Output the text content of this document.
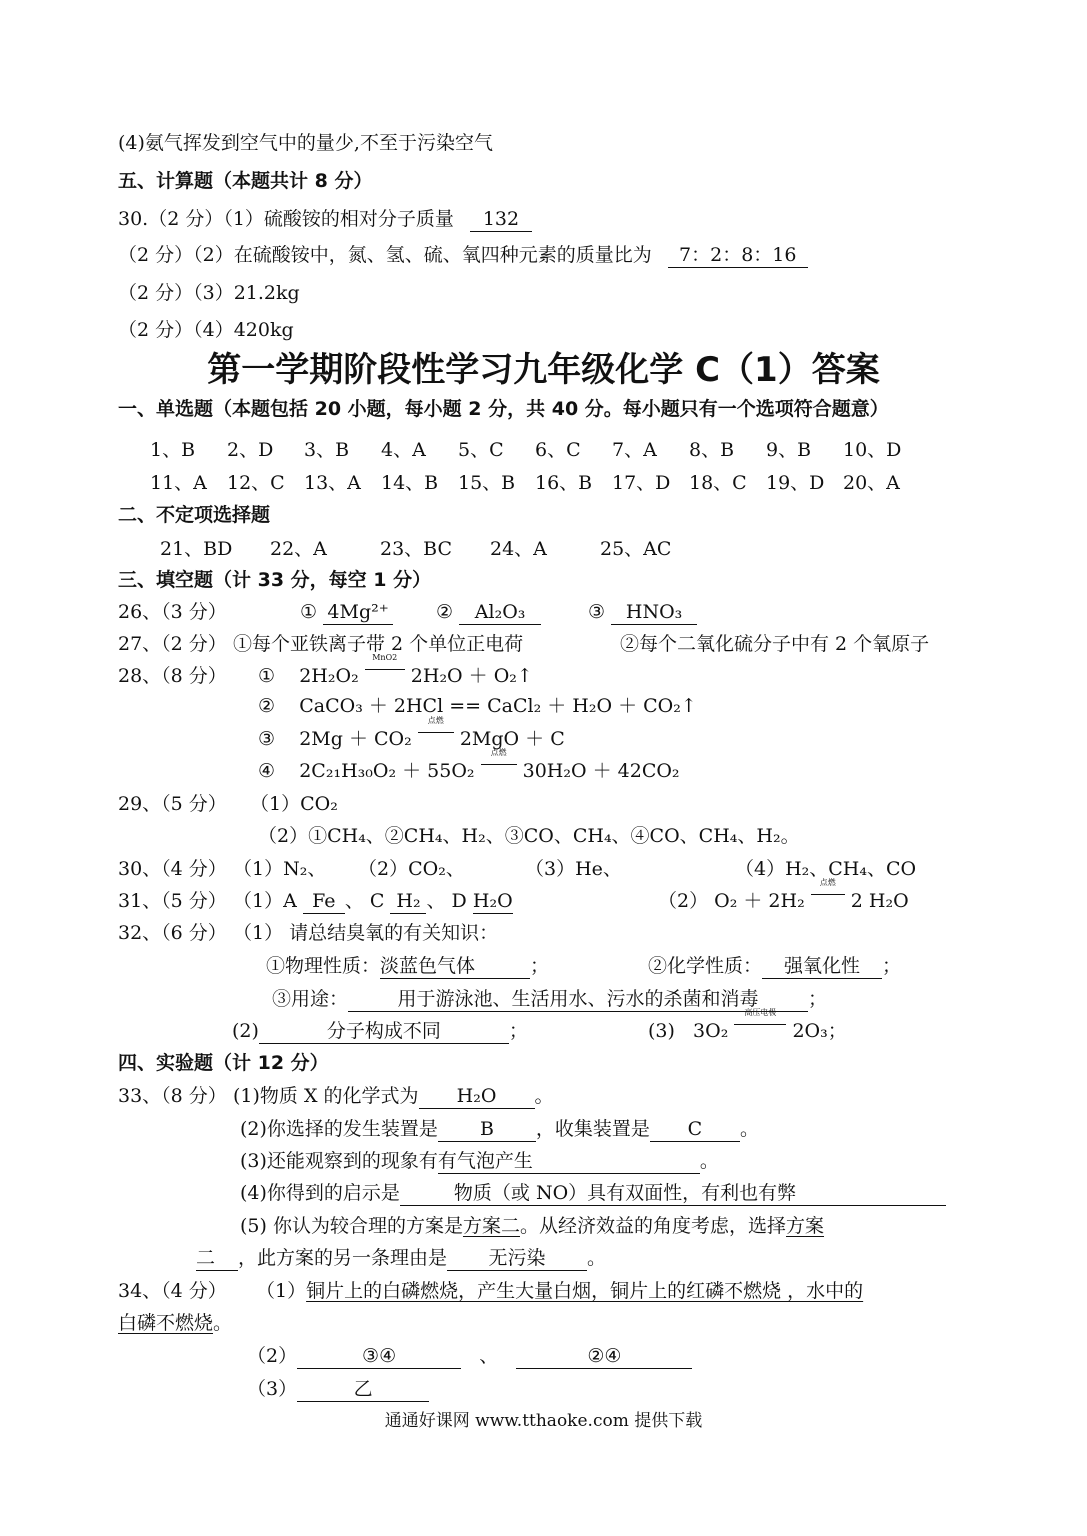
(4)氨气挥发到空气中的量少,不至于污染空气
五、计算题（本题共计 8 分）
30.（2 分）（1）硫酸铵的相对分子质量 132
（2 分）（2）在硫酸铵中，氮、氢、硫、氧四种元素的质量比为 7：2：8：16
（2 分）（3）21.2kg
（2 分）（4）420kg
第一学期阶段性学习九年级化学 C（1）答案
一、单选题（本题包括 20 小题，每小题 2 分，共 40 分。每小题只有一个选项符合题意）
1、B 2、D 3、B 4、A 5、C 6、C 7、A 8、B 9、B 10、D
11、A 12、C 13、A 14、B 15、B 16、B 17、D 18、C 19、D 20、A
二、不定项选择题
21、BD 22、A	23、BC 24、A	25、AC
三、填空题（计 33 分，每空 1 分）
26、（3 分）	① 4Mg²⁺ ② Al₂O₃	③ HNO₃
27、（2 分） ①每个亚铁离子带 2 个单位正电荷	②每个二氧化硫分子中有 2 个氧原子
28、（8 分） ① 2H₂O₂
MnO2
2H₂O ＋ O₂↑
② CaCO₃ ＋ 2HCl == CaCl₂ ＋ H₂O ＋ CO₂↑
③ 2Mg ＋ CO₂
点燃
2MgO ＋ C
④ 2C₂₁H₃₀O₂ ＋ 55O₂
点燃
30H₂O ＋ 42CO₂
29、（5 分） （1）CO₂
（2）①CH₄、②CH₄、H₂、③CO、CH₄、④CO、CH₄、H₂。
30、（4 分） （1）N₂、 （2）CO₂、	（3）He、	（4）H₂、CH₄、CO
31、（5 分） （1）A Fe 、 C H₂ 、 D H₂O	（2） O₂ ＋ 2H₂
点燃
2 H₂O
32、（6 分） （1） 请总结臭氧的有关知识：
①物理性质：淡蓝色气体	；	②化学性质： 强氧化性 ；
③用途：	用于游泳池、生活用水、污水的杀菌和消毒	；
(2)	分子构成不同	；	(3) 3O₂
高压电极
2O₃；
四、实验题（计 12 分）
33、（8 分） (1)物质 X 的化学式为 H₂O 。
(2)你选择的发生装置是 B ，收集装置是 C 。
(3)还能观察到的现象有有气泡产生	。
(4)你得到的启示是	物质（或 NO）具有双面性，有利也有弊
(5) 你认为较合理的方案是方案二。从经济效益的角度考虑，选择方案
二 ，此方案的另一条理由是 无污染 。
34、（4 分） （1）铜片上的白磷燃烧，产生大量白烟，铜片上的红磷不燃烧 ，水中的
白磷不燃烧。
（2）	③④	、	②④
（3）	乙
通通好课网 www.tthaoke.com 提供下载
